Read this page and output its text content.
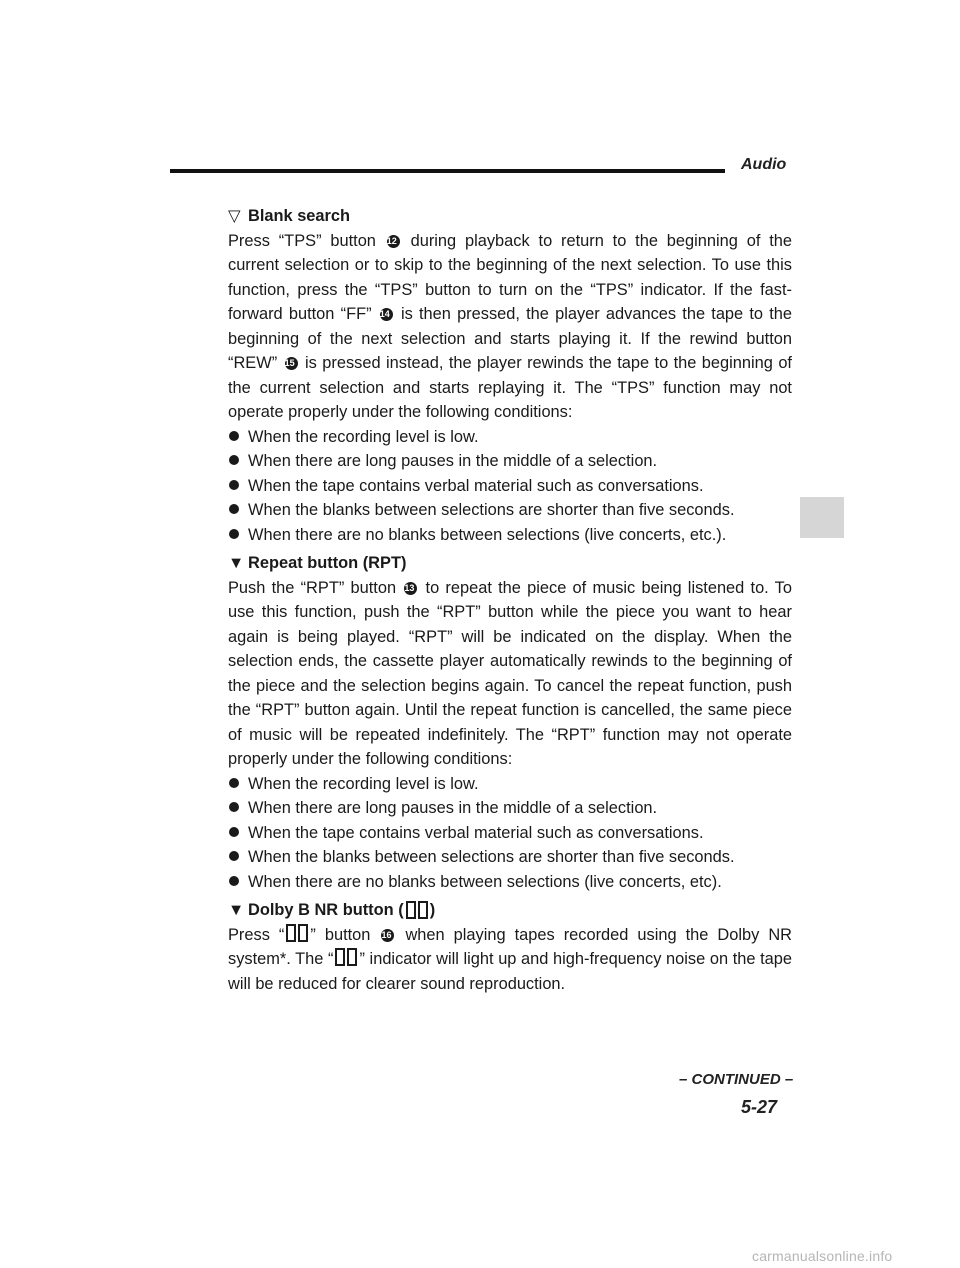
Audio
▽ Blank search

Press “TPS” button 12 during playback to return to the beginning of the current selection or to skip to the beginning of the next selection. To use this function, press the “TPS” button to turn on the “TPS” indicator. If the fast-forward button “FF” 14 is then pressed, the player advances the tape to the beginning of the next selection and starts playing it. If the rewind button “REW” 15 is pressed instead, the player rewinds the tape to the beginning of the current selection and starts replaying it. The “TPS” function may not operate properly under the following conditions:

When the recording level is low.
When there are long pauses in the middle of a selection.
When the tape contains verbal material such as conversations.
When the blanks between selections are shorter than five seconds.
When there are no blanks between selections (live concerts, etc.).
▼ Repeat button (RPT)

Push the “RPT” button 13 to repeat the piece of music being listened to. To use this function, push the “RPT” button while the piece you want to hear again is being played. “RPT” will be indicated on the display. When the selection ends, the cassette player automatically rewinds to the beginning of the piece and the selection begins again. To cancel the repeat function, push the “RPT” button again. Until the repeat function is cancelled, the same piece of music will be repeated indefinitely. The “RPT” function may not operate properly under the following conditions:

When the recording level is low.
When there are long pauses in the middle of a selection.
When the tape contains verbal material such as conversations.
When the blanks between selections are shorter than five seconds.
When there are no blanks between selections (live concerts, etc).
▼ Dolby B NR button ( )

Press “ ” button 16 when playing tapes recorded using the Dolby NR system*. The “ ” indicator will light up and high-frequency noise on the tape will be reduced for clearer sound reproduction.

– CONTINUED –
5-27
carmanualsonline.info
